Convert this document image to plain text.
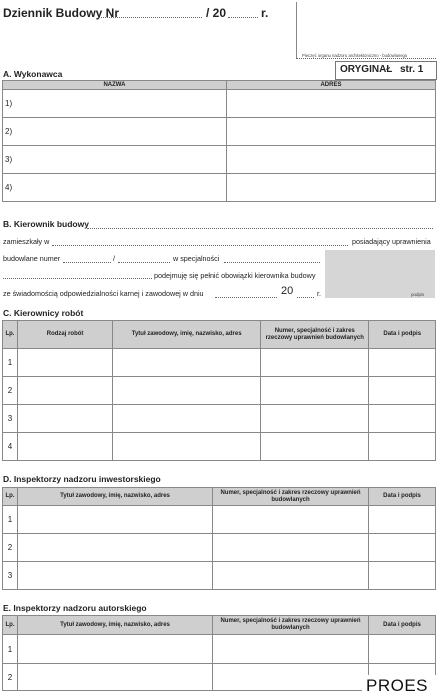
Dziennik Budowy Nr	/ 20	r.
Pieczęć organu nadzoru architektoniczno - budowlanego
ORYGINAŁ str. 1
A. Wykonawca
NAZWA	ADRES
1)	
2)	
3)	
4)	
B. Kierownik budowy
zamieszkały w	posiadający uprawnienia
budowlane numer	/	w specjalności
podejmuję się pełnić obowiązki kierownika budowy
ze świadomością odpowiedzialności karnej i zawodowej w dniu	20	r.	podpis
C. Kierownicy robót
Lp.	Rodzaj robót	Tytuł zawodowy, imię, nazwisko, adres	Numer, specjalność i zakres rzeczowy uprawnień budowlanych	Data i podpis
1				
2				
3				
4				
D. Inspektorzy nadzoru inwestorskiego
Lp.	Tytuł zawodowy, imię, nazwisko, adres	Numer, specjalność i zakres rzeczowy uprawnień budowlanych	Data i podpis
1			
2			
3			
E. Inspektorzy nadzoru autorskiego
Lp.	Tytuł zawodowy, imię, nazwisko, adres	Numer, specjalność i zakres rzeczowy uprawnień budowlanych	Data i podpis
1			
2				PROES
